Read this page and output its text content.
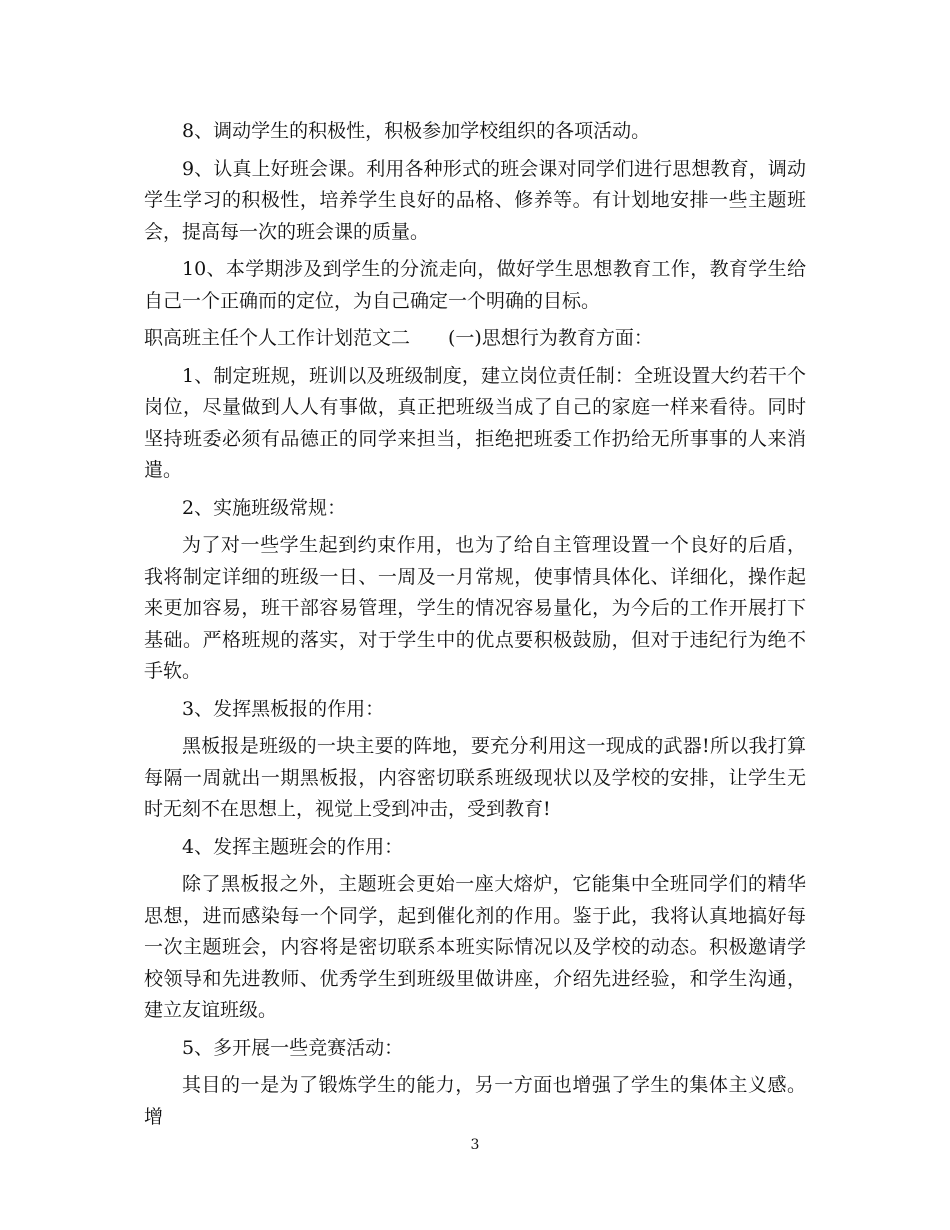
8、调动学生的积极性，积极参加学校组织的各项活动。

9、认真上好班会课。利用各种形式的班会课对同学们进行思想教育，调动学生学习的积极性，培养学生良好的品格、修养等。有计划地安排一些主题班会，提高每一次的班会课的质量。

10、本学期涉及到学生的分流走向，做好学生思想教育工作，教育学生给自己一个正确而的定位，为自己确定一个明确的目标。

职高班主任个人工作计划范文二　　(一)思想行为教育方面：

1、制定班规，班训以及班级制度，建立岗位责任制：全班设置大约若干个岗位，尽量做到人人有事做，真正把班级当成了自己的家庭一样来看待。同时坚持班委必须有品德正的同学来担当，拒绝把班委工作扔给无所事事的人来消遣。

2、实施班级常规：

为了对一些学生起到约束作用，也为了给自主管理设置一个良好的后盾，我将制定详细的班级一日、一周及一月常规，使事情具体化、详细化，操作起来更加容易，班干部容易管理，学生的情况容易量化，为今后的工作开展打下基础。严格班规的落实，对于学生中的优点要积极鼓励，但对于违纪行为绝不手软。

3、发挥黑板报的作用：

黑板报是班级的一块主要的阵地，要充分利用这一现成的武器!所以我打算每隔一周就出一期黑板报，内容密切联系班级现状以及学校的安排，让学生无时无刻不在思想上，视觉上受到冲击，受到教育!

4、发挥主题班会的作用：

除了黑板报之外，主题班会更始一座大熔炉，它能集中全班同学们的精华思想，进而感染每一个同学，起到催化剂的作用。鉴于此，我将认真地搞好每一次主题班会，内容将是密切联系本班实际情况以及学校的动态。积极邀请学校领导和先进教师、优秀学生到班级里做讲座，介绍先进经验，和学生沟通，建立友谊班级。

5、多开展一些竞赛活动：

其目的一是为了锻炼学生的能力，另一方面也增强了学生的集体主义感。增

3
